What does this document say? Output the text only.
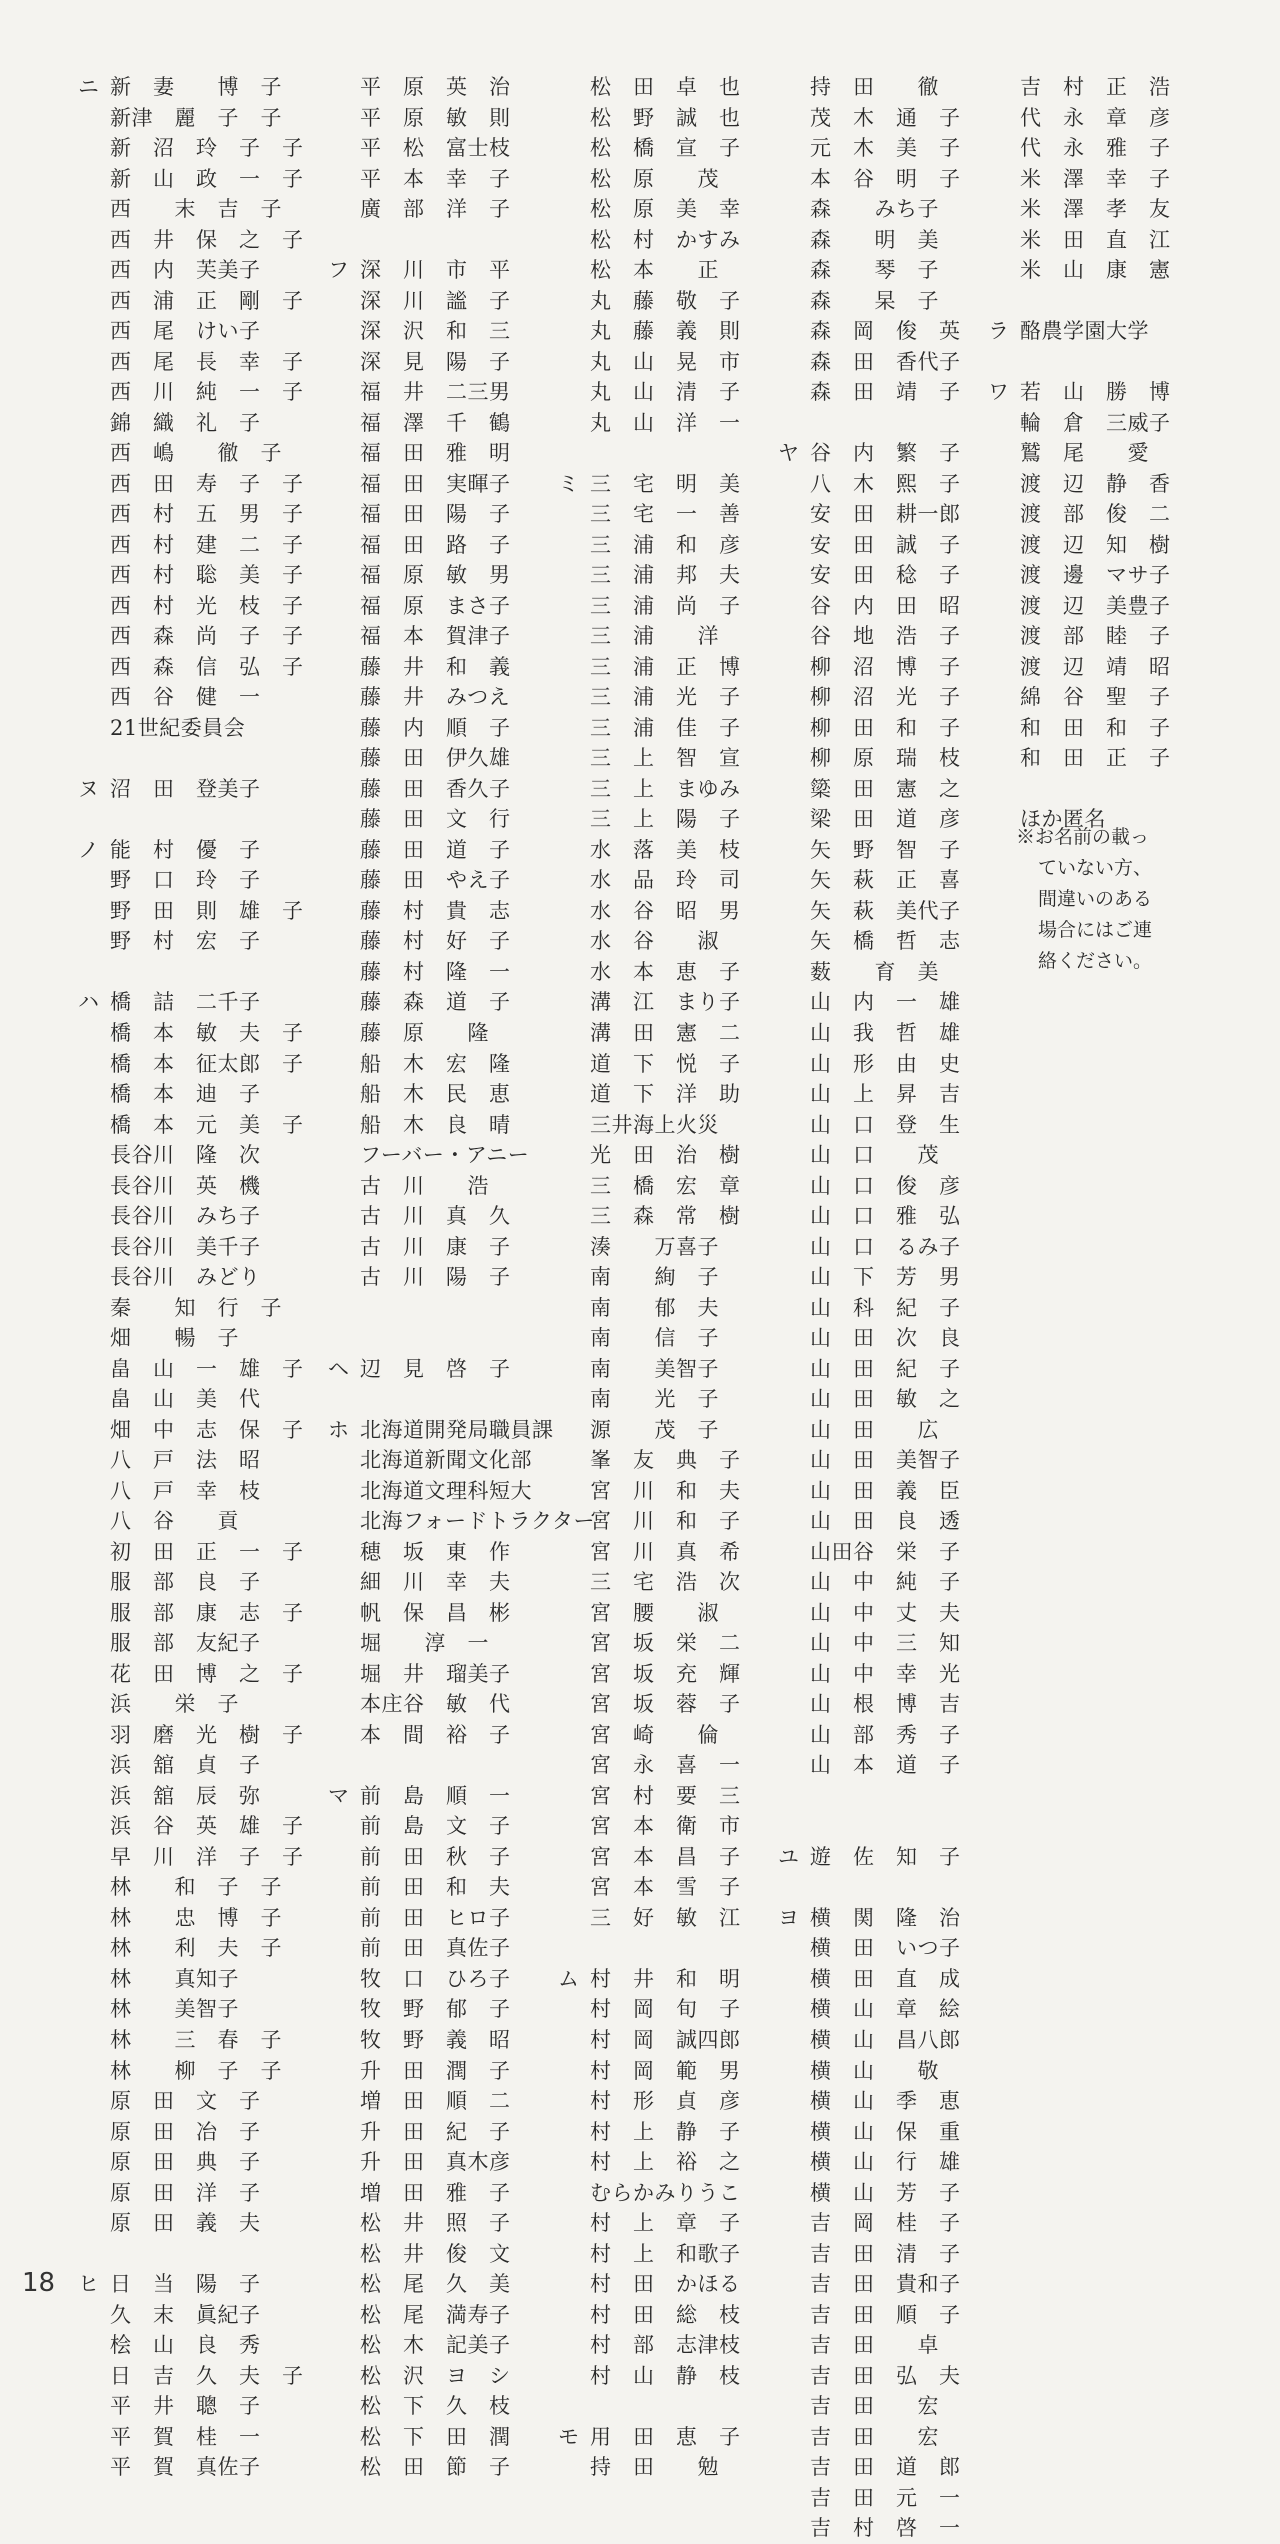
ニ 新　妻　　博　子
新津　麗　子　子
新　沼　玲　子　子
新　山　政　一　子
西　　末　吉　子
西　井　保　之　子
西　内　芙美子
西　浦　正　剛　子
西　尾　けい子
西　尾　長　幸　子
西　川　純　一　子
錦　織　礼　子
西　嶋　　徹　子
西　田　寿　子　子
西　村　五　男　子
西　村　建　二　子
西　村　聡　美　子
西　村　光　枝　子
西　森　尚　子　子
西　森　信　弘　子
西　谷　健　一
21世紀委員会
ヌ 沼　田　登美子
ノ 能　村　優　子
野　口　玲　子
野　田　則　雄　子
野　村　宏　子
ハ 橋　詰　二千子
橋　本　敏　夫　子
橋　本　征太郎　子
橋　本　迪　子
橋　本　元　美　子
長谷川　隆　次
長谷川　英　機
長谷川　みち子
長谷川　美千子
長谷川　みどり
秦　　知　行　子
畑　　暢　子
畠　山　一　雄　子
畠　山　美　代
畑　中　志　保　子
八　戸　法　昭
八　戸　幸　枝
八　谷　　貢
初　田　正　一　子
服　部　良　子
服　部　康　志　子
服　部　友紀子
花　田　博　之　子
浜　　栄　子
羽　磨　光　樹　子
浜　舘　貞　子
浜　舘　辰　弥
浜　谷　英　雄　子
早　川　洋　子　子
林　　和　子　子
林　　忠　博　子
林　　利　夫　子
林　　真知子
林　　美智子
林　　三　春　子
林　　柳　子　子
原　田　文　子
原　田　冶　子
原　田　典　子
原　田　洋　子
原　田　義　夫
ヒ 日　当　陽　子
久　末　眞紀子
桧　山　良　秀
日　吉　久　夫　子
平　井　聰　子
平　賀　桂　一
平　賀　真佐子
平　原　英　治
平　原　敏　則
平　松　富士枝
平　本　幸　子
廣　部　洋　子
フ 深　川　市　平
深　川　謐　子
深　沢　和　三
深　見　陽　子
福　井　二三男
福　澤　千　鶴
福　田　雅　明
福　田　実暉子
福　田　陽　子
福　田　路　子
福　原　敏　男
福　原　まさ子
福　本　賀津子
藤　井　和　義
藤　井　みつえ
藤　内　順　子
藤　田　伊久雄
藤　田　香久子
藤　田　文　行
藤　田　道　子
藤　田　やえ子
藤　村　貴　志
藤　村　好　子
藤　村　隆　一
藤　森　道　子
藤　原　　隆
船　木　宏　隆
船　木　民　恵
船　木　良　晴
フーバー・アニー
古　川　　浩
古　川　真　久
古　川　康　子
古　川　陽　子
ヘ 辺　見　啓　子
ホ 北海道開発局職員課
北海道新聞文化部
北海道文理科短大
北海フォードトラクター
穂　坂　東　作
細　川　幸　夫
帆　保　昌　彬
堀　　淳　一
堀　井　瑠美子
本庄谷　敏　代
本　間　裕　子
マ 前　島　順　一
前　島　文　子
前　田　秋　子
前　田　和　夫
前　田　ヒロ子
前　田　真佐子
牧　口　ひろ子
牧　野　郁　子
牧　野　義　昭
升　田　潤　子
増　田　順　二
升　田　紀　子
升　田　真木彦
増　田　雅　子
松　井　照　子
松　井　俊　文
松　尾　久　美
松　尾　満寿子
松　木　記美子
松　沢　ヨ　シ
松　下　久　枝
松　下　田　潤
松　田　節　子
松　田　卓　也
松　野　誠　也
松　橋　宣　子
松　原　　茂
松　原　美　幸
松　村　かすみ
松　本　　正
丸　藤　敬　子
丸　藤　義　則
丸　山　晃　市
丸　山　清　子
丸　山　洋　一
ミ 三　宅　明　美
三　宅　一　善
三　浦　和　彦
三　浦　邦　夫
三　浦　尚　子
三　浦　　洋
三　浦　正　博
三　浦　光　子
三　浦　佳　子
三　上　智　宣
三　上　まゆみ
三　上　陽　子
水　落　美　枝
水　品　玲　司
水　谷　昭　男
水　谷　　淑
水　本　恵　子
溝　江　まり子
溝　田　憲　二
道　下　悦　子
道　下　洋　助
三井海上火災
光　田　治　樹
三　橋　宏　章
三　森　常　樹
湊　　万喜子
南　　絢　子
南　　郁　夫
南　　信　子
南　　美智子
南　　光　子
源　　茂　子
峯　友　典　子
宮　川　和　夫
宮　川　和　子
宮　川　真　希
三　宅　浩　次
宮　腰　　淑
宮　坂　栄　二
宮　坂　充　輝
宮　坂　蓉　子
宮　崎　　倫
宮　永　喜　一
宮　村　要　三
宮　本　衛　市
宮　本　昌　子
宮　本　雪　子
三　好　敏　江
ム 村　井　和　明
村　岡　旬　子
村　岡　誠四郎
村　岡　範　男
村　形　貞　彦
村　上　静　子
村　上　裕　之
むらかみりうこ
村　上　章　子
村　上　和歌子
村　田　かほる
村　田　総　枝
村　部　志津枝
村　山　静　枝
モ 用　田　恵　子
持　田　　勉
持　田　　徹
茂　木　通　子
元　木　美　子
本　谷　明　子
森　　みち子
森　　明　美
森　　琴　子
森　　杲　子
森　岡　俊　英
森　田　香代子
森　田　靖　子
ヤ 谷　内　繁　子
八　木　熙　子
安　田　耕一郎
安　田　誠　子
安　田　稔　子
谷　内　田　昭
谷　地　浩　子
柳　沼　博　子
柳　沼　光　子
柳　田　和　子
柳　原　瑞　枝
簗　田　憲　之
梁　田　道　彦
矢　野　智　子
矢　萩　正　喜
矢　萩　美代子
矢　橋　哲　志
薮　　育　美
山　内　一　雄
山　我　哲　雄
山　形　由　史
山　上　昇　吉
山　口　登　生
山　口　　茂
山　口　俊　彦
山　口　雅　弘
山　口　るみ子
山　下　芳　男
山　科　紀　子
山　田　次　良
山　田　紀　子
山　田　敏　之
山　田　　広
山　田　美智子
山　田　義　臣
山　田　良　透
山田谷　栄　子
山　中　純　子
山　中　丈　夫
山　中　三　知
山　中　幸　光
山　根　博　吉
山　部　秀　子
山　本　道　子
ユ 遊　佐　知　子
ヨ 横　関　隆　治
横　田　いつ子
横　田　直　成
横　山　章　絵
横　山　昌八郎
横　山　　敬
横　山　季　恵
横　山　保　重
横　山　行　雄
横　山　芳　子
吉　岡　桂　子
吉　田　清　子
吉　田　貴和子
吉　田　順　子
吉　田　　卓
吉　田　弘　夫
吉　田　　宏
吉　田　　宏
吉　田　道　郎
吉　田　元　一
吉　村　啓　一
吉　村　正　浩
代　永　章　彦
代　永　雅　子
米　澤　幸　子
米　澤　孝　友
米　田　直　江
米　山　康　憲
ラ 酪農学園大学
ワ 若　山　勝　博
輪　倉　三威子
鷲　尾　　愛
渡　辺　静　香
渡　部　俊　二
渡　辺　知　樹
渡　邊　マサ子
渡　辺　美豊子
渡　部　睦　子
渡　辺　靖　昭
綿　谷　聖　子
和　田　和　子
和　田　正　子
ほか匿名
※お名前の載っ
ていない方、
間違いのある
場合にはご連
絡ください。
18
